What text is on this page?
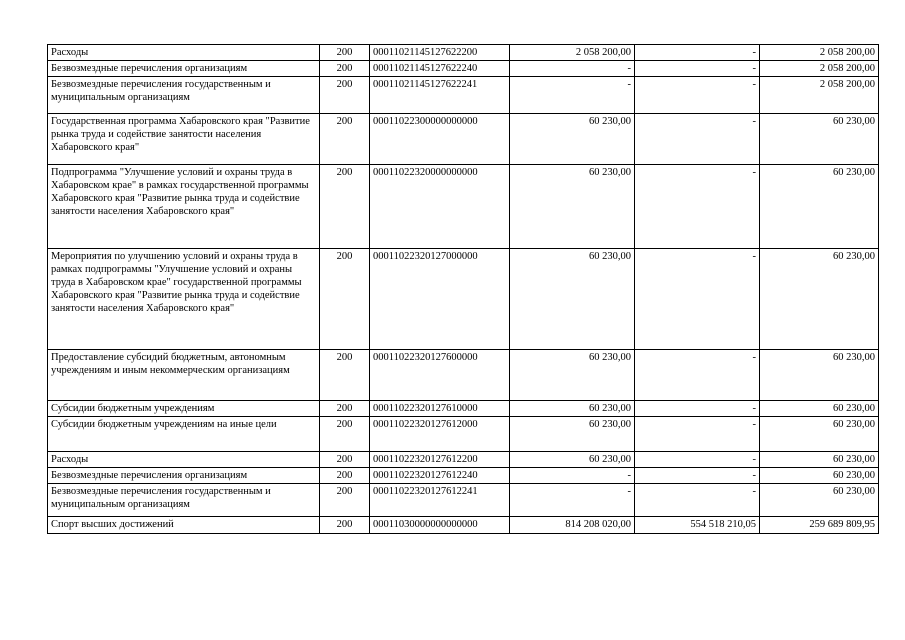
Расходы	200	00011021145127622200	2 058 200,00	-	2 058 200,00
Безвозмездные перечисления организациям	200	00011021145127622240	-	-	2 058 200,00
Безвозмездные перечисления государственным и муниципальным организациям	200	00011021145127622241	-	-	2 058 200,00
Государственная программа Хабаровского края "Развитие рынка труда и содействие занятости населения Хабаровского края"	200	00011022300000000000	60 230,00	-	60 230,00
Подпрограмма "Улучшение условий и охраны труда в Хабаровском крае" в рамках государственной программы Хабаровского края "Развитие рынка труда и содействие занятости населения Хабаровского края"	200	00011022320000000000	60 230,00	-	60 230,00
Мероприятия по улучшению условий и охраны труда в рамках подпрограммы "Улучшение условий и охраны труда в Хабаровском крае" государственной программы Хабаровского края "Развитие рынка труда и содействие занятости населения Хабаровского края"	200	00011022320127000000	60 230,00	-	60 230,00
Предоставление субсидий бюджетным, автономным учреждениям и иным некоммерческим организациям	200	00011022320127600000	60 230,00	-	60 230,00
Субсидии бюджетным учреждениям	200	00011022320127610000	60 230,00	-	60 230,00
Субсидии бюджетным учреждениям на иные цели	200	00011022320127612000	60 230,00	-	60 230,00
Расходы	200	00011022320127612200	60 230,00	-	60 230,00
Безвозмездные перечисления организациям	200	00011022320127612240	-	-	60 230,00
Безвозмездные перечисления государственным и муниципальным организациям	200	00011022320127612241	-	-	60 230,00
Спорт высших достижений	200	00011030000000000000	814 208 020,00	554 518 210,05	259 689 809,95
